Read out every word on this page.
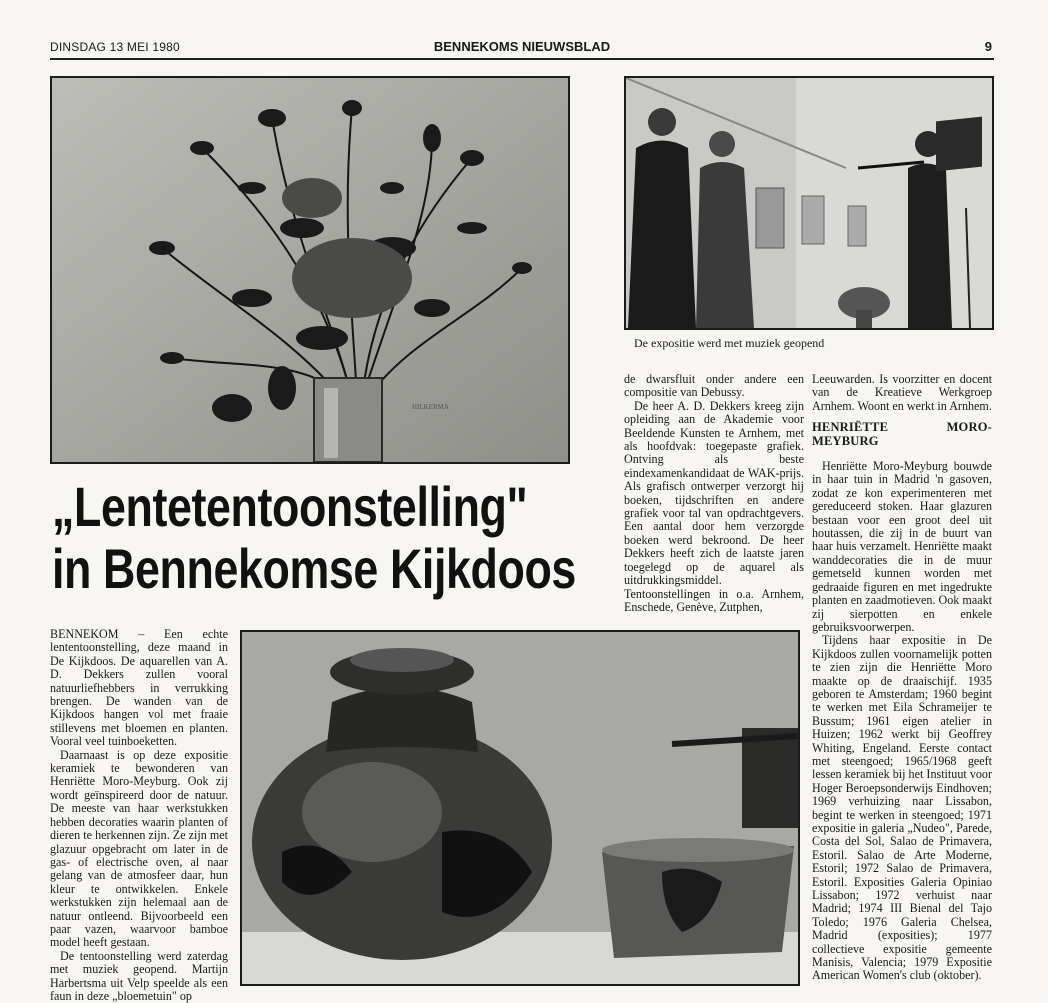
DINSDAG 13 MEI 1980	BENNEKOMS NIEUWSBLAD	9
HILKERMA
De expositie werd met muziek geopend
„Lentetentoonstelling"
in Bennekomse Kijkdoos

BENNEKOM – Een echte lententoonstelling, deze maand in De Kijkdoos. De aquarellen van A. D. Dekkers zullen vooral natuurliefhebbers in verrukking brengen. De wanden van de Kijkdoos hangen vol met fraaie stillevens met bloemen en planten. Vooral veel tuinboeketten.

Daarnaast is op deze expositie keramiek te bewonderen van Henriëtte Moro-Meyburg. Ook zij wordt geïnspireerd door de natuur. De meeste van haar werkstukken hebben decoraties waarin planten of dieren te herkennen zijn. Ze zijn met glazuur opgebracht om later in de gas- of electrische oven, al naar gelang van de atmosfeer daar, hun kleur te ontwikkelen. Enkele werkstukken zijn helemaal aan de natuur ontleend. Bijvoorbeeld een paar vazen, waarvoor bamboe model heeft gestaan.

De tentoonstelling werd zaterdag met muziek geopend. Martijn Harbertsma uit Velp speelde als een faun in deze „bloemetuin" op

de dwarsfluit onder andere een compositie van Debussy.

De heer A. D. Dekkers kreeg zijn opleiding aan de Akademie voor Beeldende Kunsten te Arnhem, met als hoofdvak: toegepaste grafiek. Ontving als beste eindexamenkandidaat de WAK-prijs. Als grafisch ontwerper verzorgt hij boeken, tijdschriften en andere grafiek voor tal van opdrachtgevers. Een aantal door hem verzorgde boeken werd bekroond. De heer Dekkers heeft zich de laatste jaren toegelegd op de aquarel als uitdrukkingsmiddel. Tentoonstellingen in o.a. Arnhem, Enschede, Genève, Zutphen,

Leeuwarden. Is voorzitter en docent van de Kreatieve Werkgroep Arnhem. Woont en werkt in Arnhem.

HENRIËTTE MORO-MEYBURG

Henriëtte Moro-Meyburg bouwde in haar tuin in Madrid 'n gasoven, zodat ze kon experimenteren met gereduceerd stoken. Haar glazuren bestaan voor een groot deel uit houtassen, die zij in de buurt van haar huis verzamelt. Henriëtte maakt wanddecoraties die in de muur gemetseld kunnen worden met gedraaide figuren en met ingedrukte planten en zaadmotieven. Ook maakt zij sierpotten en enkele gebruiksvoorwerpen.

Tijdens haar expositie in De Kijkdoos zullen voornamelijk potten te zien zijn die Henriëtte Moro maakte op de draaischijf. 1935 geboren te Amsterdam; 1960 begint te werken met Eila Schrameijer te Bussum; 1961 eigen atelier in Huizen; 1962 werkt bij Geoffrey Whiting, Engeland. Eerste contact met steengoed; 1965/1968 geeft lessen keramiek bij het Instituut voor Hoger Beroepsonderwijs Eindhoven; 1969 verhuizing naar Lissabon, begint te werken in steengoed; 1971 expositie in galeria „Nudeo", Parede, Costa del Sol, Salao de Primavera, Estoril. Salao de Arte Moderne, Estoril; 1972 Salao de Primavera, Estoril. Exposities Galeria Opiniao Lissabon; 1972 verhuist naar Madrid; 1974 III Bienal del Tajo Toledo; 1976 Galeria Chelsea, Madrid (exposities); 1977 collectieve expositie gemeente Manisis, Valencia; 1979 Expositie American Women's club (oktober).
